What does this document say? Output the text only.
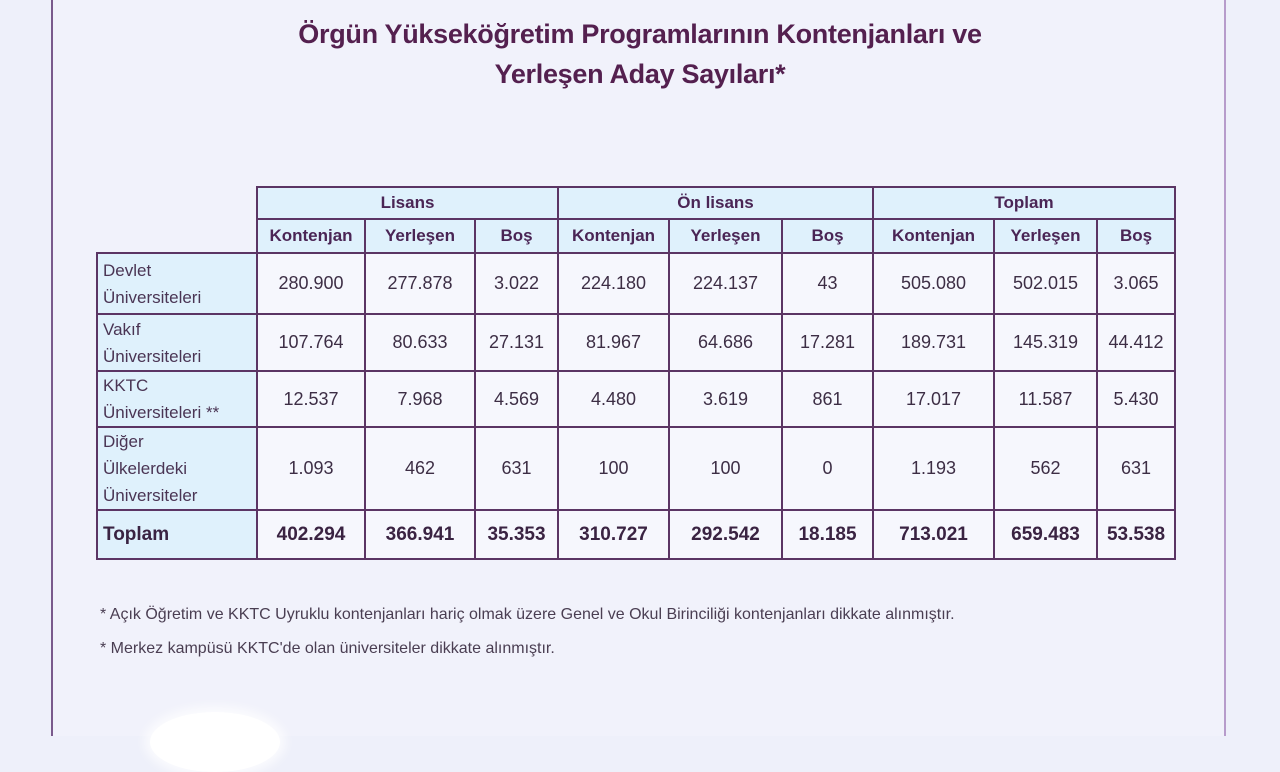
Örgün Yükseköğretim Programlarının Kontenjanları ve
Yerleşen Aday Sayıları*
	Lisans			Ön lisans			Toplam		
	Kontenjan	Yerleşen	Boş	Kontenjan	Yerleşen	Boş	Kontenjan	Yerleşen	Boş

Devlet
Üniversiteleri	280.900	277.878	3.022	224.180	224.137	43	505.080	502.015	3.065

Vakıf
Üniversiteleri	107.764	80.633	27.131	81.967	64.686	17.281	189.731	145.319	44.412

KKTC
Üniversiteleri **	12.537	7.968	4.569	4.480	3.619	861	17.017	11.587	5.430

Diğer
Ülkelerdeki
Üniversiteler	1.093	462	631	100	100	0	1.193	562	631
Toplam	402.294	366.941	35.353	310.727	292.542	18.185	713.021	659.483	53.538
* Açık Öğretim ve KKTC Uyruklu kontenjanları hariç olmak üzere Genel ve Okul Birinciliği kontenjanları dikkate alınmıştır.
* Merkez kampüsü KKTC'de olan üniversiteler dikkate alınmıştır.
